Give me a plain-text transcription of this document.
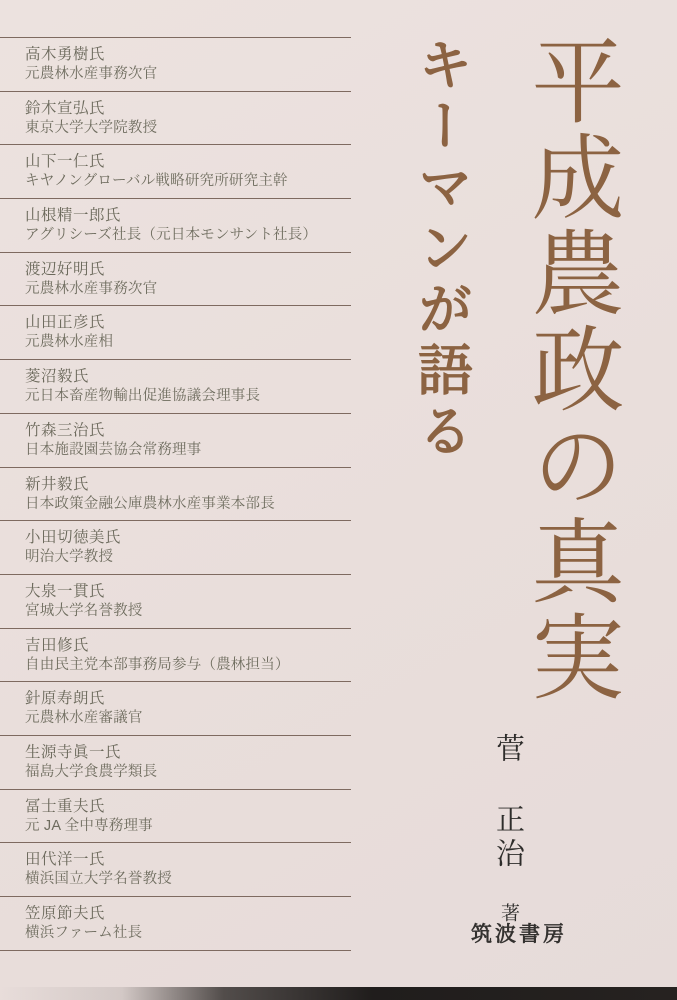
高木勇樹氏
元農林水産事務次官
鈴木宣弘氏
東京大学大学院教授
山下一仁氏
キヤノングローバル戦略研究所研究主幹
山根精一郎氏
アグリシーズ社長（元日本モンサント社長）
渡辺好明氏
元農林水産事務次官
山田正彦氏
元農林水産相
菱沼毅氏
元日本畜産物輸出促進協議会理事長
竹森三治氏
日本施設園芸協会常務理事
新井毅氏
日本政策金融公庫農林水産事業本部長
小田切徳美氏
明治大学教授
大泉一貫氏
宮城大学名誉教授
吉田修氏
自由民主党本部事務局参与（農林担当）
針原寿朗氏
元農林水産審議官
生源寺眞一氏
福島大学食農学類長
冨士重夫氏
元 JA 全中専務理事
田代洋一氏
横浜国立大学名誉教授
笠原節夫氏
横浜ファーム社長
キーマンが語る 平成農政の真実
菅 正治 著
筑波書房
